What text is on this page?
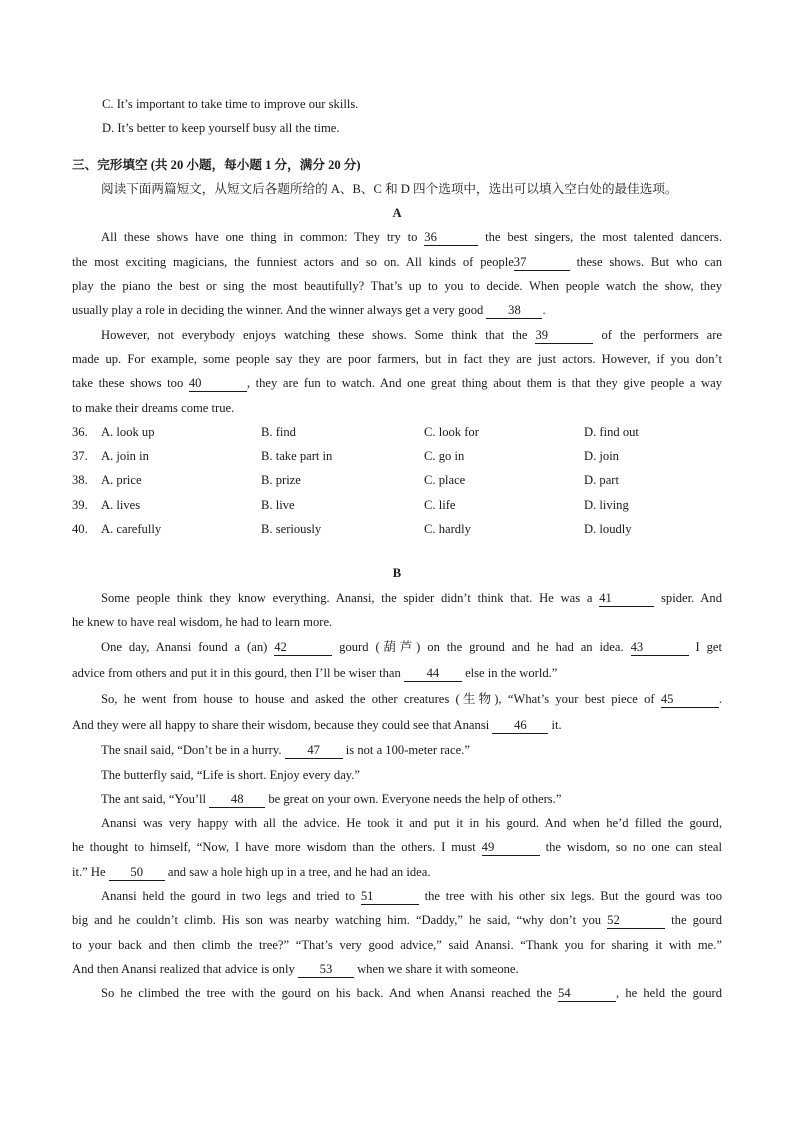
C. It’s important to take time to improve our skills.
D. It’s better to keep yourself busy all the time.
三、完形填空 (共 20 小题，每小题 1 分，满分 20 分)
阅读下面两篇短文，从短文后各题所给的 A、B、C 和 D 四个选项中，选出可以填入空白处的最佳选项。
A
All these shows have one thing in common: They try to 36	the best singers, the most talented dancers.
the most exciting magicians, the funniest actors and so on. All kinds of people37	these shows. But who can
play the piano the best or sing the most beautifully? That’s up to you to decide. When people watch the show, they
usually play a role in deciding the winner. And the winner always get a very good 38 .
However, not everybody enjoys watching these shows. Some think that the 39	of the performers are
made up. For example, some people say they are poor farmers, but in fact they are just actors. However, if you don’t
take these shows too 40	, they are fun to watch. And one great thing about them is that they give people a way
to make their dreams come true.
36.	A. look up	B. find	C. look for	D. find out
37.	A. join in	B. take part in	C. go in	D. join
38.	A. price	B. prize	C. place	D. part
39.	A. lives	B. live	C. life	D. living
40.	A. carefully	B. seriously	C. hardly	D. loudly
B
Some people think they know everything. Anansi, the spider didn’t think that. He was a 41	spider. And
he knew to have real wisdom, he had to learn more.
One day, Anansi found a (an) 42	gourd (葫芦) on the ground and he had an idea. 43	I get
advice from others and put it in this gourd, then I’ll be wiser than 44 else in the world.”
So, he went from house to house and asked the other creatures (生物), “What’s your best piece of 45	.
And they were all happy to share their wisdom, because they could see that Anansi 46 it.
The snail said, “Don’t be in a hurry. 47 is not a 100-meter race.”
The butterfly said, “Life is short. Enjoy every day.”
The ant said, “You’ll 48 be great on your own. Everyone needs the help of others.”
Anansi was very happy with all the advice. He took it and put it in his gourd. And when he’d filled the gourd,
he thought to himself, “Now, I have more wisdom than the others. I must 49	the wisdom, so no one can steal
it.” He 50 and saw a hole high up in a tree, and he had an idea.
Anansi held the gourd in two legs and tried to 51	the tree with his other six legs. But the gourd was too
big and he couldn’t climb. His son was nearby watching him. “Daddy,” he said, “why don’t you 52	the gourd
to your back and then climb the tree?” “That’s very good advice,” said Anansi. “Thank you for sharing it with me.”
And then Anansi realized that advice is only 53 when we share it with someone.
So he climbed the tree with the gourd on his back. And when Anansi reached the 54	, he held the gourd
